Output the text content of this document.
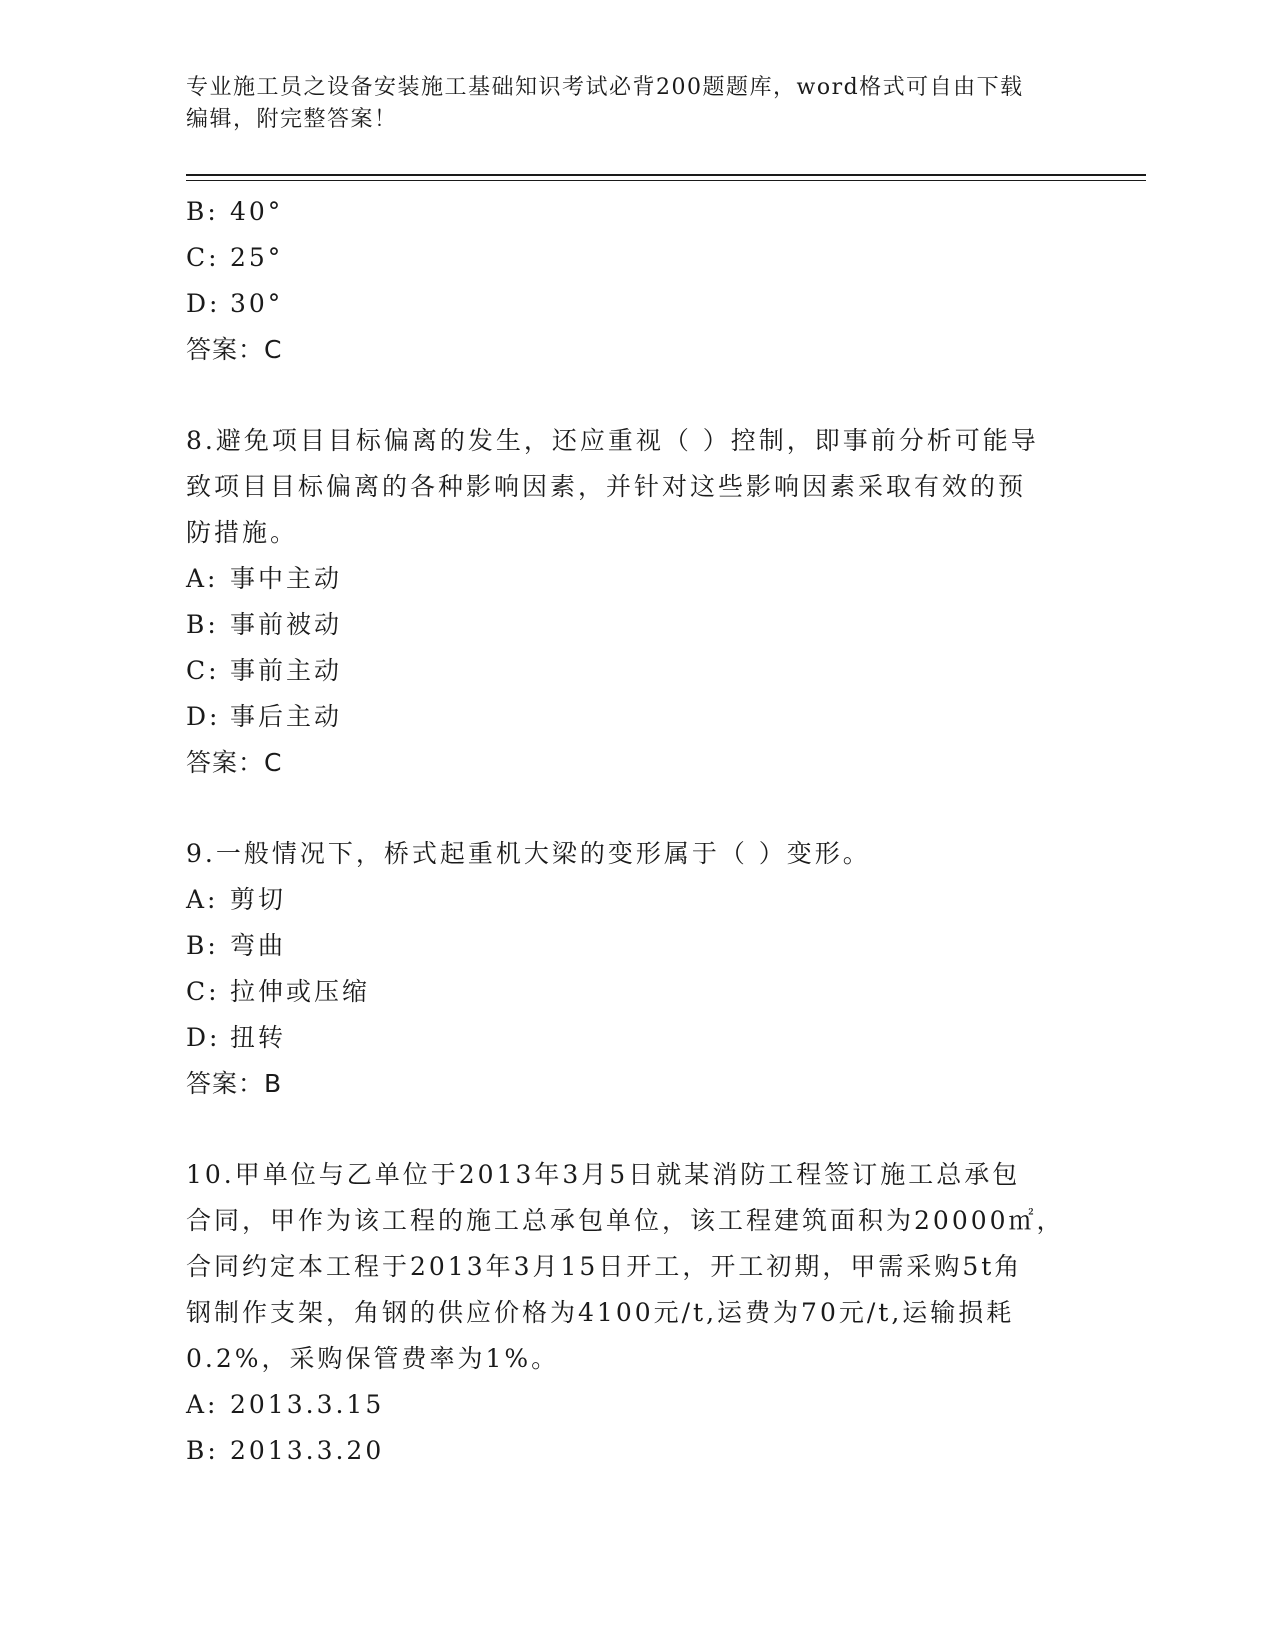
专业施工员之设备安装施工基础知识考试必背200题题库，word格式可自由下载
编辑，附完整答案！
B: 40°
C: 25°
D: 30°
答案：C
8.避免项目目标偏离的发生，还应重视（ ）控制，即事前分析可能导
致项目目标偏离的各种影响因素，并针对这些影响因素采取有效的预
防措施。
A: 事中主动
B: 事前被动
C: 事前主动
D: 事后主动
答案：C
9.一般情况下，桥式起重机大梁的变形属于（ ）变形。
A: 剪切
B: 弯曲
C: 拉伸或压缩
D: 扭转
答案：B
10.甲单位与乙单位于2013年3月5日就某消防工程签订施工总承包
合同，甲作为该工程的施工总承包单位，该工程建筑面积为20000㎡，
合同约定本工程于2013年3月15日开工，开工初期，甲需采购5t角
钢制作支架，角钢的供应价格为4100元/t,运费为70元/t,运输损耗
0.2%，采购保管费率为1%。
A: 2013.3.15
B: 2013.3.20
